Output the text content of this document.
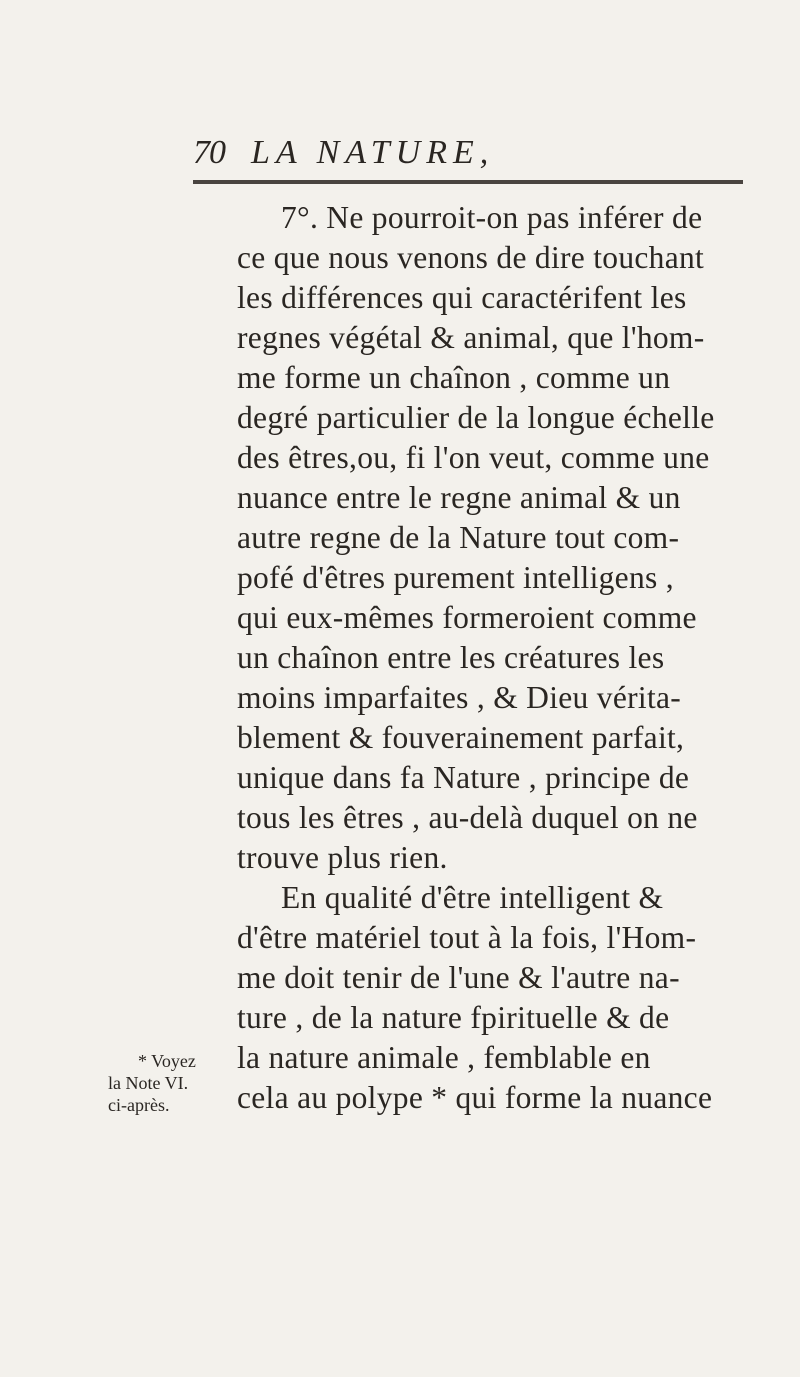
70 LA NATURE,
7°. Ne pourroit-on pas inférer de
ce que nous venons de dire touchant
les différences qui caractérifent les
regnes végétal & animal, que l'hom-
me forme un chaînon , comme un
degré particulier de la longue échelle
des êtres,ou, fi l'on veut, comme une
nuance entre le regne animal & un
autre regne de la Nature tout com-
pofé d'êtres purement intelligens ,
qui eux-mêmes formeroient comme
un chaînon entre les créatures les
moins imparfaites , & Dieu vérita-
blement & fouverainement parfait,
unique dans fa Nature , principe de
tous les êtres , au-delà duquel on ne
trouve plus rien.
En qualité d'être intelligent &
d'être matériel tout à la fois, l'Hom-
me doit tenir de l'une & l'autre na-
ture , de la nature fpirituelle & de
la nature animale , femblable en
cela au polype * qui forme la nuance
* Voyez
la Note VI.
ci-après.
